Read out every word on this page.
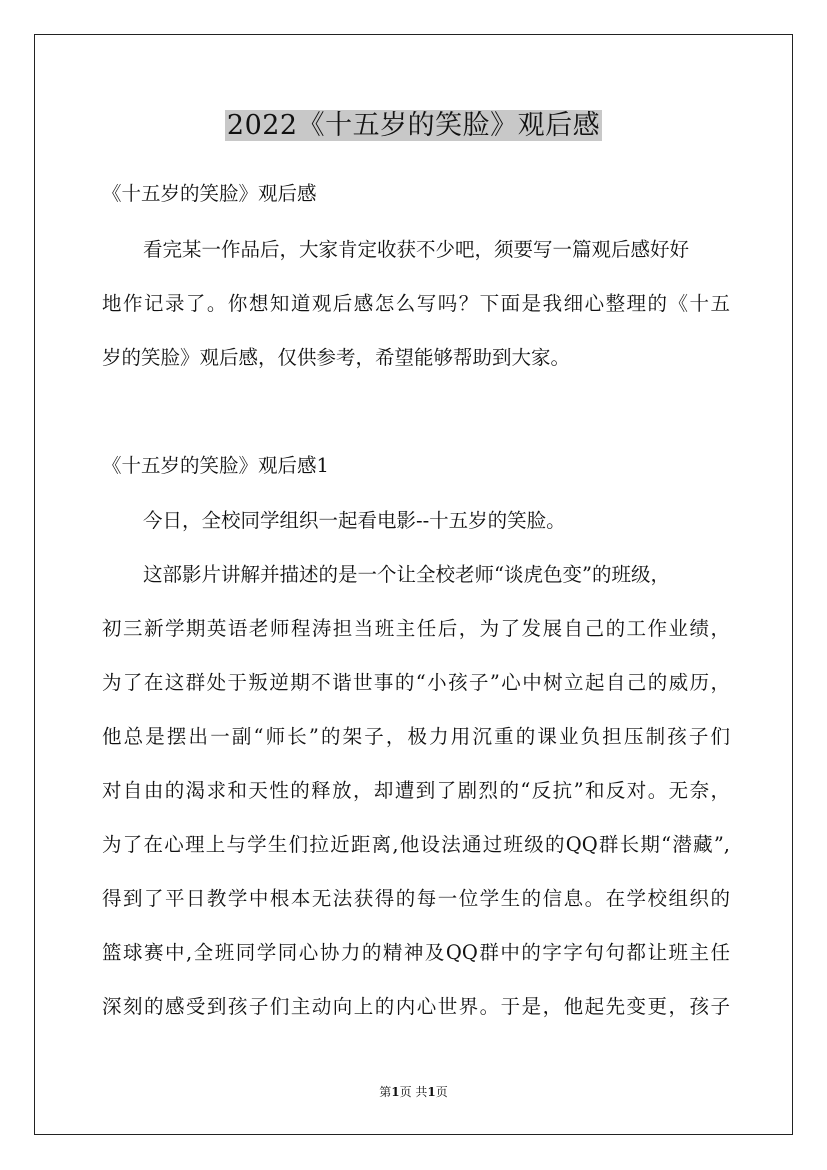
2022《十五岁的笑脸》观后感

《十五岁的笑脸》观后感

看完某一作品后，大家肯定收获不少吧，须要写一篇观后感好好

地作记录了。你想知道观后感怎么写吗？下面是我细心整理的《十五

岁的笑脸》观后感，仅供参考，希望能够帮助到大家。

《十五岁的笑脸》观后感1

今日，全校同学组织一起看电影--十五岁的笑脸。

这部影片讲解并描述的是一个让全校老师“谈虎色变”的班级，

初三新学期英语老师程涛担当班主任后，为了发展自己的工作业绩，

为了在这群处于叛逆期不谐世事的“小孩子”心中树立起自己的威历，

他总是摆出一副“师长”的架子，极力用沉重的课业负担压制孩子们

对自由的渴求和天性的释放，却遭到了剧烈的“反抗”和反对。无奈，

为了在心理上与学生们拉近距离,他设法通过班级的QQ群长期“潜藏”,

得到了平日教学中根本无法获得的每一位学生的信息。在学校组织的

篮球赛中,全班同学同心协力的精神及QQ群中的字字句句都让班主任

深刻的感受到孩子们主动向上的内心世界。于是，他起先变更，孩子

第1页 共1页
